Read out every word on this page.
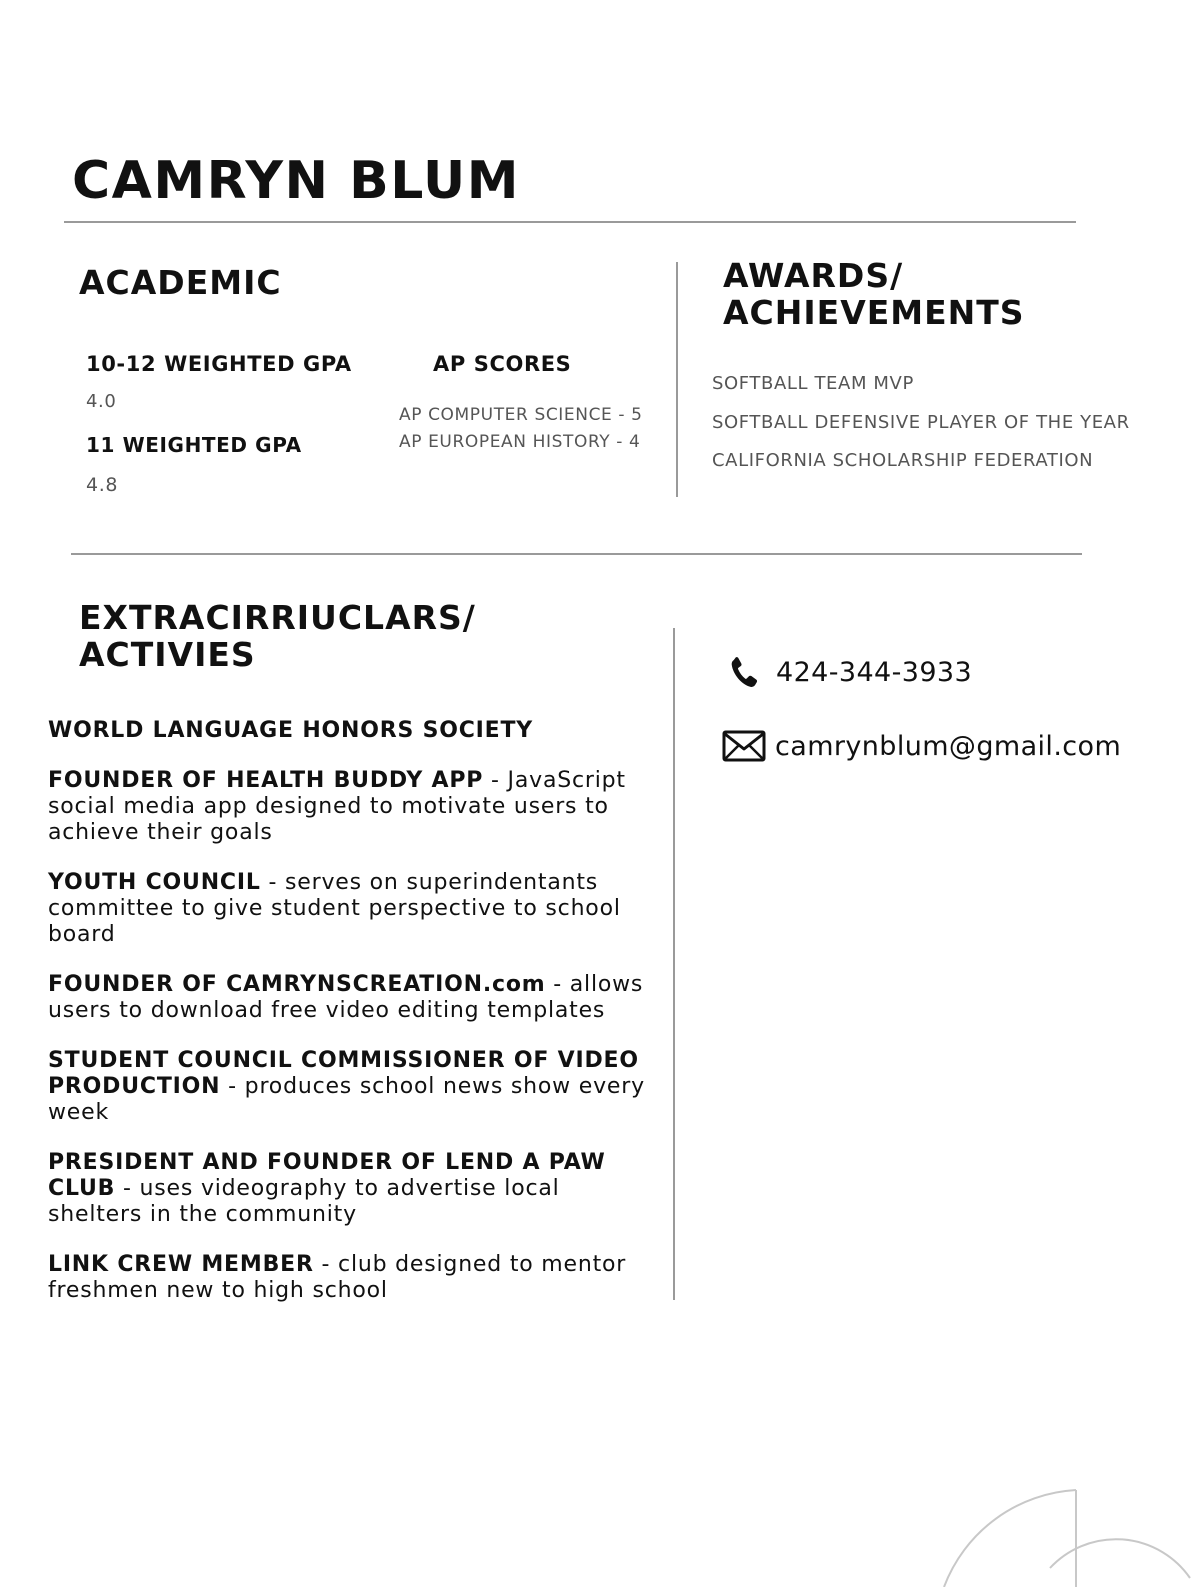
CAMRYN BLUM
ACADEMIC
10-12 WEIGHTED GPA
4.0
11 WEIGHTED GPA
4.8
AP SCORES
AP COMPUTER SCIENCE - 5
AP EUROPEAN HISTORY - 4
AWARDS/
ACHIEVEMENTS
SOFTBALL TEAM MVP
SOFTBALL DEFENSIVE PLAYER OF THE YEAR
CALIFORNIA SCHOLARSHIP FEDERATION
EXTRACIRRIUCLARS/
ACTIVIES
WORLD LANGUAGE HONORS SOCIETY
FOUNDER OF HEALTH BUDDY APP - JavaScript social media app designed to motivate users to achieve their goals
YOUTH COUNCIL - serves on superindentants committee to give student perspective to school board
FOUNDER OF CAMRYNSCREATION.com - allows users to download free video editing templates
STUDENT COUNCIL COMMISSIONER OF VIDEO PRODUCTION - produces school news show every week
PRESIDENT AND FOUNDER OF LEND A PAW CLUB - uses videography to advertise local shelters in the community
LINK CREW MEMBER - club designed to mentor freshmen new to high school
424-344-3933
camrynblum@gmail.com
